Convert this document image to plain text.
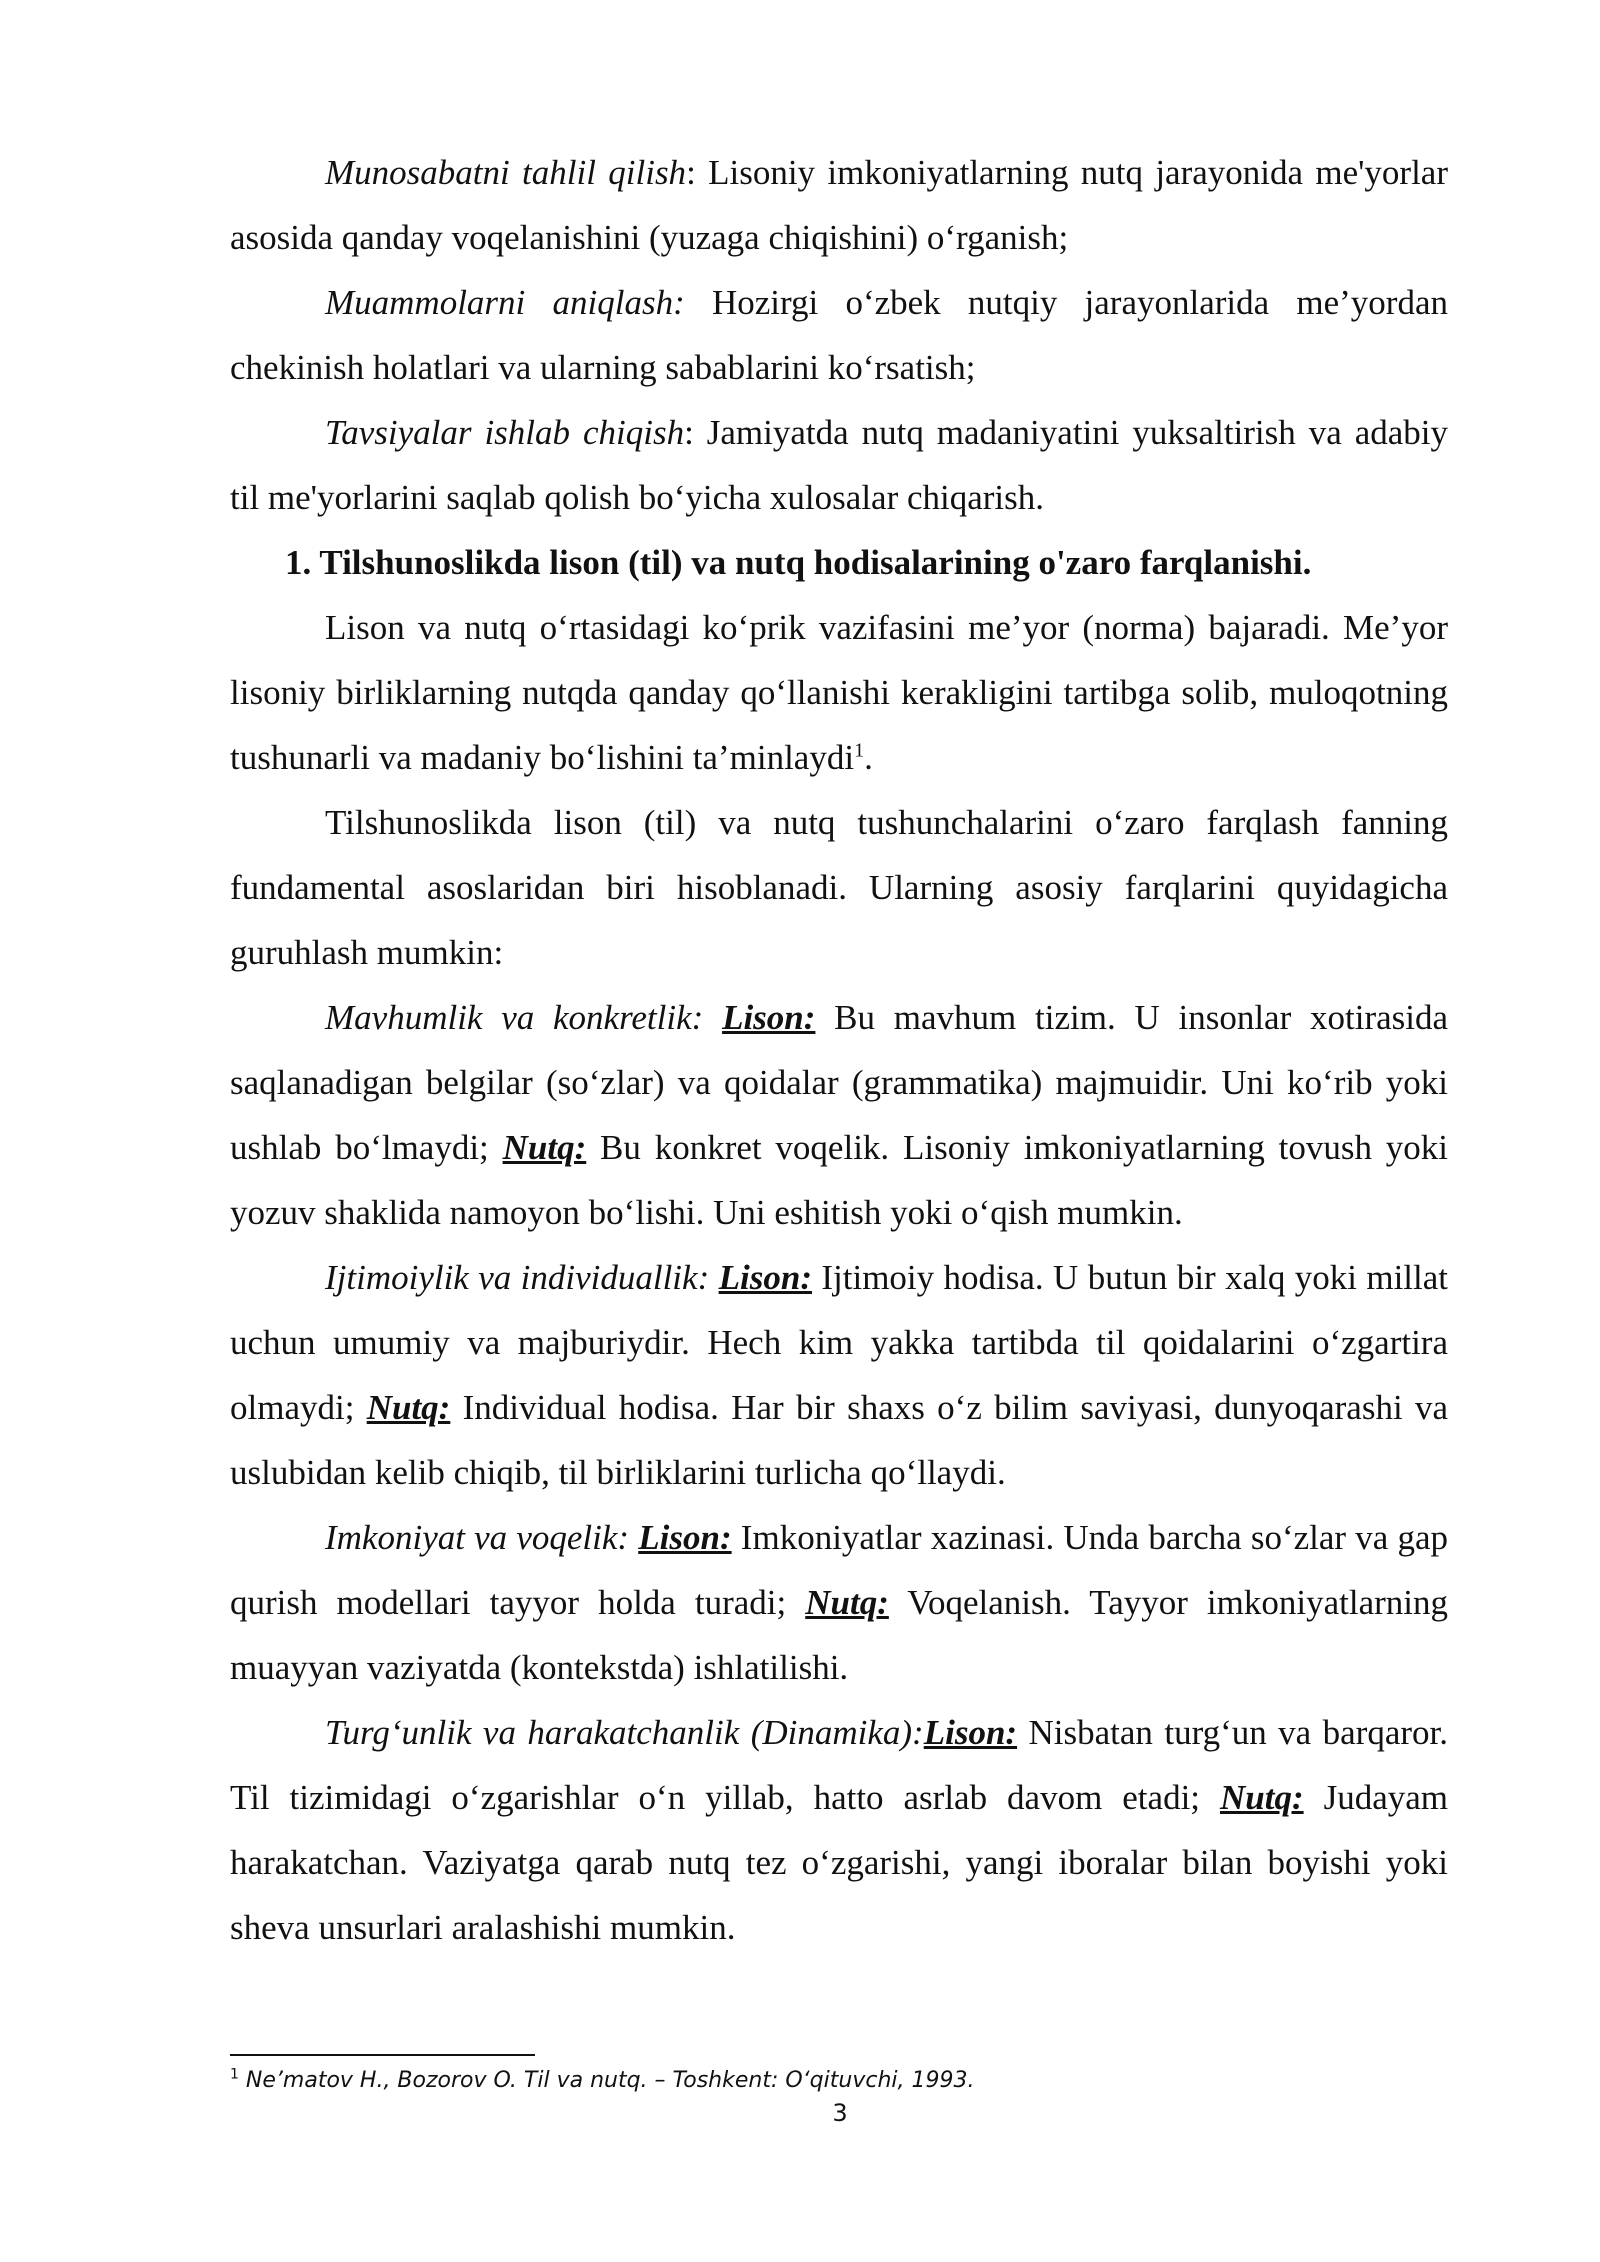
Munosabatni tahlil qilish: Lisoniy imkoniyatlarning nutq jarayonida me'yorlar asosida qanday voqelanishini (yuzaga chiqishini) o‘rganish;

Muammolarni aniqlash: Hozirgi o‘zbek nutqiy jarayonlarida me’yordan chekinish holatlari va ularning sabablarini ko‘rsatish;

Tavsiyalar ishlab chiqish: Jamiyatda nutq madaniyatini yuksaltirish va adabiy til me'yorlarini saqlab qolish bo‘yicha xulosalar chiqarish.

1. Tilshunoslikda lison (til) va nutq hodisalarining o'zaro farqlanishi.

Lison va nutq o‘rtasidagi ko‘prik vazifasini me’yor (norma) bajaradi. Me’yor lisoniy birliklarning nutqda qanday qo‘llanishi kerakligini tartibga solib, muloqotning tushunarli va madaniy bo‘lishini ta’minlaydi$^1$.

Tilshunoslikda lison (til) va nutq tushunchalarini o‘zaro farqlash fanning fundamental asoslaridan biri hisoblanadi. Ularning asosiy farqlarini quyidagicha guruhlash mumkin:

Mavhumlik va konkretlik: Lison: Bu mavhum tizim. U insonlar xotirasida saqlanadigan belgilar (so‘zlar) va qoidalar (grammatika) majmuidir. Uni ko‘rib yoki ushlab bo‘lmaydi; Nutq: Bu konkret voqelik. Lisoniy imkoniyatlarning tovush yoki yozuv shaklida namoyon bo‘lishi. Uni eshitish yoki o‘qish mumkin.

Ijtimoiylik va individuallik: Lison: Ijtimoiy hodisa. U butun bir xalq yoki millat uchun umumiy va majburiydir. Hech kim yakka tartibda til qoidalarini o‘zgartira olmaydi; Nutq: Individual hodisa. Har bir shaxs o‘z bilim saviyasi, dunyoqarashi va uslubidan kelib chiqib, til birliklarini turlicha qo‘llaydi.

Imkoniyat va voqelik: Lison: Imkoniyatlar xazinasi. Unda barcha so‘zlar va gap qurish modellari tayyor holda turadi; Nutq: Voqelanish. Tayyor imkoniyatlarning muayyan vaziyatda (kontekstda) ishlatilishi.

Turg‘unlik va harakatchanlik (Dinamika):Lison: Nisbatan turg‘un va barqaror. Til tizimidagi o‘zgarishlar o‘n yillab, hatto asrlab davom etadi; Nutq: Judayam harakatchan. Vaziyatga qarab nutq tez o‘zgarishi, yangi iboralar bilan boyishi yoki sheva unsurlari aralashishi mumkin.

$^1$ Ne’matov H., Bozorov O. Til va nutq. – Toshkent: O‘qituvchi, 1993.
3
